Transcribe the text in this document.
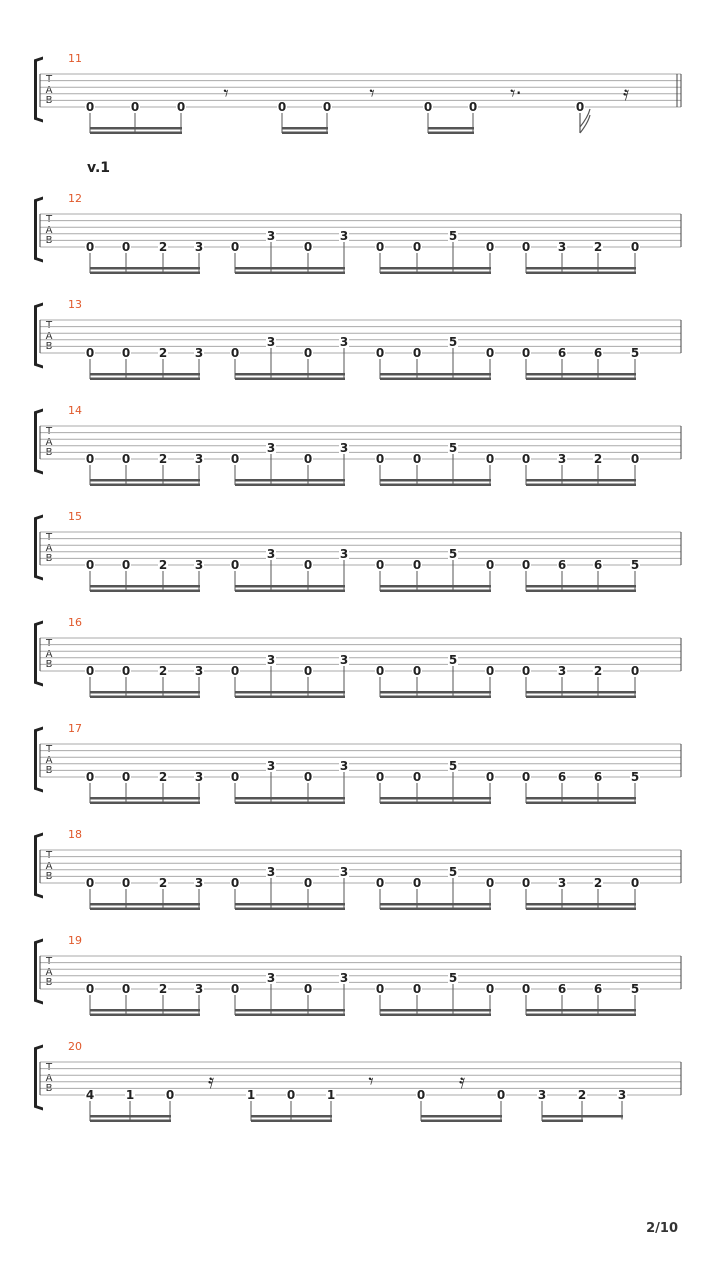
11
T
A
B	0	0	0	0	0	0	0	0
𝄾	𝄾	𝄾·	𝄿
12
T
A
B	0 0 2 3 0
3
0
3
0 0
5
0 0 3 2 0
13
T
A
B	0 0 2 3 0
3
0
3
0 0
5
0 0 6 6 5
14
T
A
B	0 0 2 3 0
3
0
3
0 0
5
0 0 3 2 0
15
T
A
B	0 0 2 3 0
3
0
3
0 0
5
0 0 6 6 5
16
T
A
B	0 0 2 3 0
3
0
3
0 0
5
0 0 3 2 0
17
T
A
B	0 0 2 3 0
3
0
3
0 0
5
0 0 6 6 5
18
T
A
B	0 0 2 3 0
3
0
3
0 0
5
0 0 3 2 0
19
T
A
B	0 0 2 3 0
3
0
3
0 0
5
0 0 6 6 5
20
T
A
B	4	1	0	1	0	1	0	0	3	2	3
𝄿	𝄾	𝄿
v.1
2/10
